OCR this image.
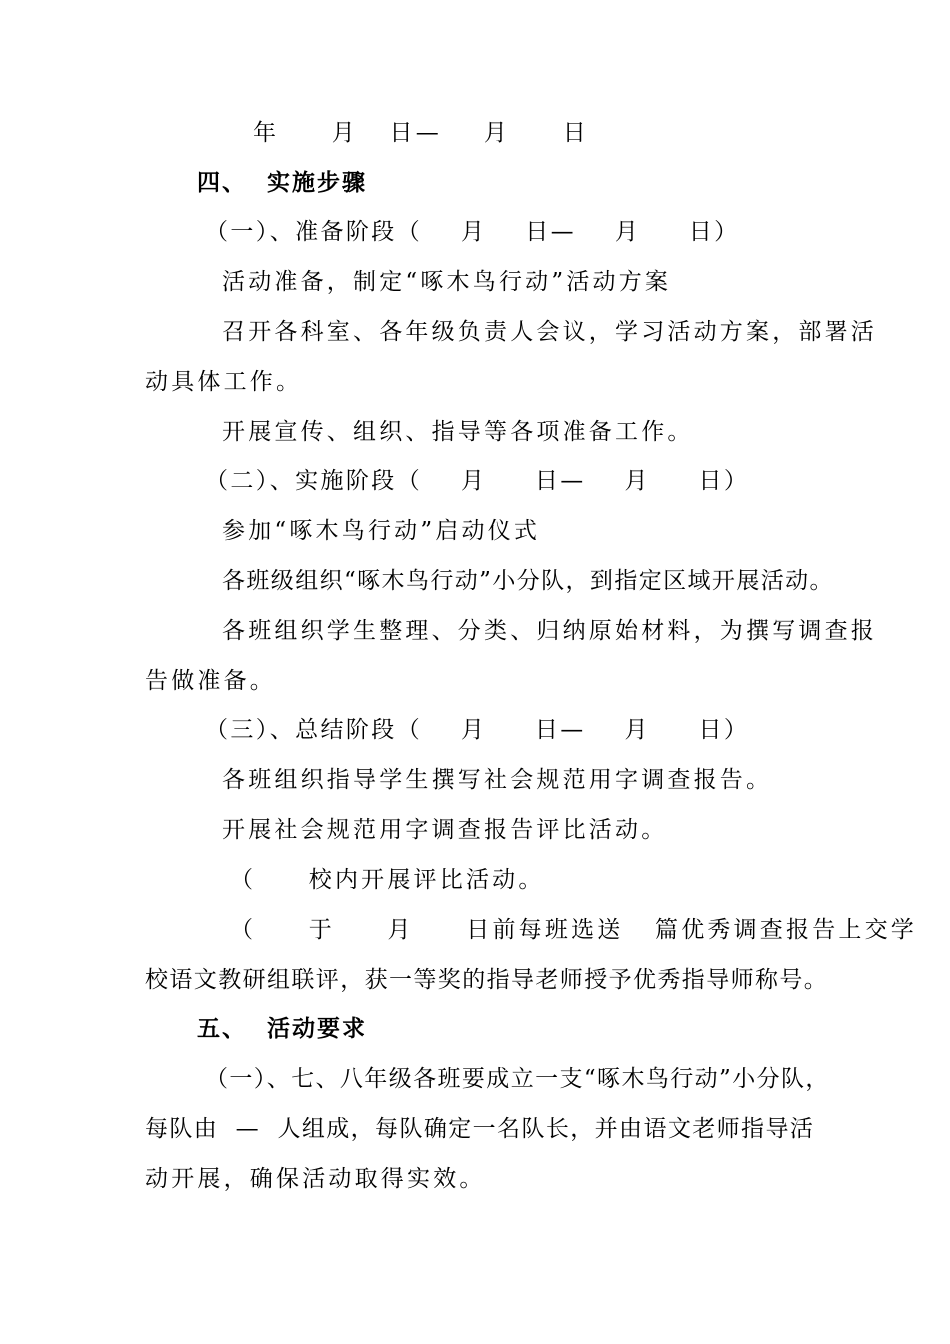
年     月   日—    月     日
四、  实施步骤
（一）、准备阶段（    月    日—    月     日）
活动准备，制定“啄木鸟行动”活动方案
召开各科室、各年级负责人会议，学习活动方案，部署活
动具体工作。
开展宣传、组织、指导等各项准备工作。
（二）、实施阶段（    月     日—    月     日）
参加“啄木鸟行动”启动仪式
各班级组织“啄木鸟行动”小分队，到指定区域开展活动。
各班组织学生整理、分类、归纳原始材料，为撰写调查报
告做准备。
（三）、总结阶段（    月     日—    月     日）
各班组织指导学生撰写社会规范用字调查报告。
开展社会规范用字调查报告评比活动。
（     校内开展评比活动。
（     于     月     日前每班选送   篇优秀调查报告上交学
校语文教研组联评，获一等奖的指导老师授予优秀指导师称号。
五、  活动要求
（一）、七、八年级各班要成立一支“啄木鸟行动”小分队，
每队由  —  人组成，每队确定一名队长，并由语文老师指导活
动开展，确保活动取得实效。
